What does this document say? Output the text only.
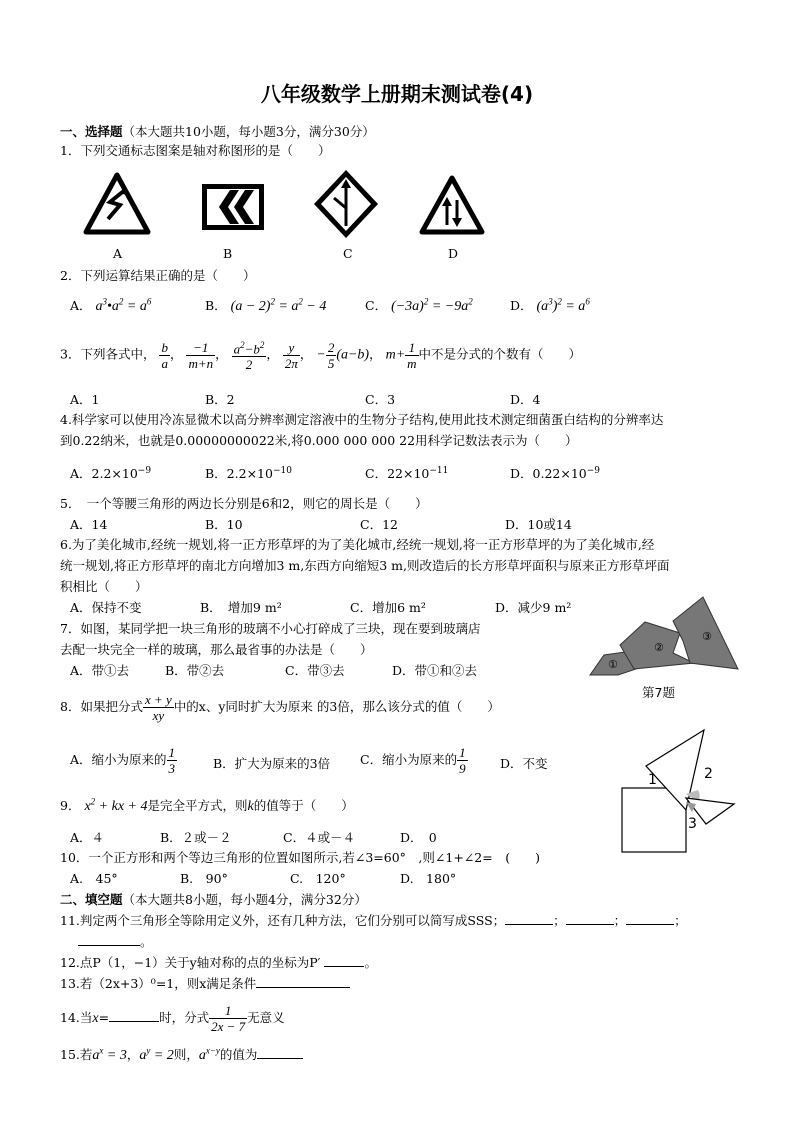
八年级数学上册期末测试卷(4)
一、选择题（本大题共10小题，每小题3分，满分30分）
1．下列交通标志图案是轴对称图形的是（　　）
A	B	C	D
2．下列运算结果正确的是（　　）
A． $a^3•a^2 = a^6$	B． $(a - 2)^2 = a^2 - 4$	C． $(-3a)^2 = -9a^2$	D． $(a^3)^2 = a^6$
3．下列各式中， $\frac{b}{a}$ ， $\frac{-1}{m+n}$ ， $\frac{a^2-b^2}{2}$ ， $\frac{y}{2\pi}$ ， − $\frac{2}{5} (a-b)$， $m+ \frac{1}{m}$ 中不是分式的个数有（　　）
A．1	B．2	C．3	D．4
4.科学家可以使用冷冻显微术以高分辨率测定溶液中的生物分子结构,使用此技术测定细菌蛋白结构的分辨率达
到0.22纳米，也就是0.00000000022米,将0.000 000 000 22用科学记数法表示为（　　）
A．$2.2\times 10^{-9}$	B．$2.2\times 10^{-10}$	C．$22\times 10^{-11}$	D．$0.22\times 10^{-9}$
5．　一个等腰三角形的两边长分别是6和2，则它的周长是（　　）
A．14	B．10	C．12	D．10或14
6.为了美化城市,经统一规划,将一正方形草坪的为了美化城市,经统一规划,将一正方形草坪的为了美化城市,经
统一规划,将正方形草坪的南北方向增加3 m,东西方向缩短3 m,则改造后的长方形草坪面积与原来正方形草坪面
积相比（　　）
A．保持不变	B．　增加9 m²	C．增加6 m²	D．减少9 m²
7．如图，某同学把一块三角形的玻璃不小心打碎成了三块，现在要到玻璃店
去配一块完全一样的玻璃，那么最省事的办法是（　　）
A．带①去	B．带②去	C．带③去	D．带①和②去	①
②
③
第7题
8．如果把分式 $\frac{x + y}{xy}$ 中的x、y同时扩大为原来 的3倍，那么该分式的值（　　）
A．缩小为原来的 $\frac{1}{3}$	B．扩大为原来的3倍 C．缩小为原来的 $\frac{1}{9}$	D．不变
9． $x^2$ + kx + 4是完全平方式，则k的值等于（　　）
A．４	B．２或－２	C．４或－４	D．　0
1	2
3
10．一个正方形和两个等边三角形的位置如图所示,若∠3=60°　,则∠1+∠2=　(　　)
A.　45°	B.　90°	C.　120°	D.　180°
二、填空题（本大题共8小题，每小题4分，满分32分）
11.判定两个三角形全等除用定义外，还有几种方法，它们分别可以简写成SSS；	；	；	；
。
12.点P（1，−1）关于y轴对称的点的坐标为P′	。
13.若（2x+3）⁰=1，则x满足条件
14.当x=	时，分式 $\frac{1}{2x - 7}$ 无意义
15.若$a^x = 3$，$a^y = 2$则，$a^{x-y}$的值为
